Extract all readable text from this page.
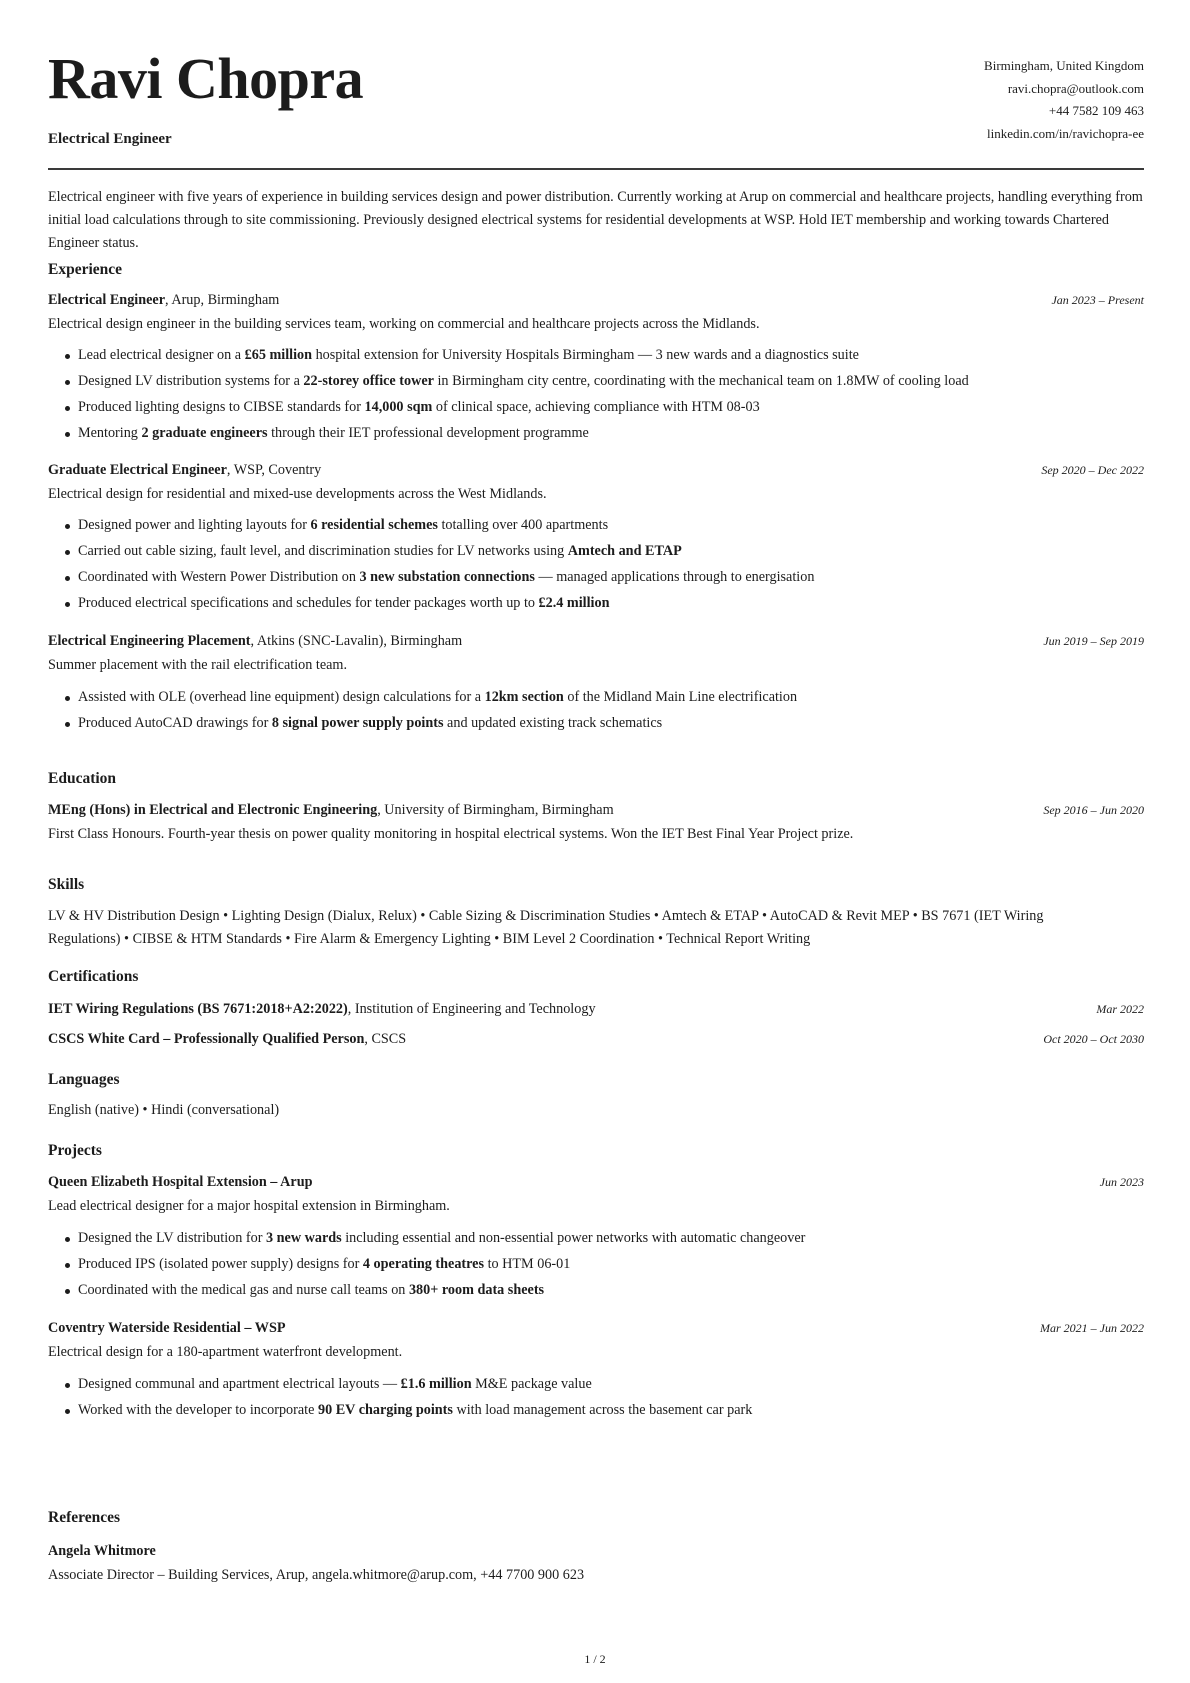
Ravi Chopra
Electrical Engineer
Birmingham, United Kingdom
ravi.chopra@outlook.com
+44 7582 109 463
linkedin.com/in/ravichopra-ee
Electrical engineer with five years of experience in building services design and power distribution. Currently working at Arup on commercial and healthcare projects, handling everything from initial load calculations through to site commissioning. Previously designed electrical systems for residential developments at WSP. Hold IET membership and working towards Chartered Engineer status.
Experience
Electrical Engineer, Arup, Birmingham	Jan 2023 – Present
Electrical design engineer in the building services team, working on commercial and healthcare projects across the Midlands.
Lead electrical designer on a £65 million hospital extension for University Hospitals Birmingham — 3 new wards and a diagnostics suite
Designed LV distribution systems for a 22-storey office tower in Birmingham city centre, coordinating with the mechanical team on 1.8MW of cooling load
Produced lighting designs to CIBSE standards for 14,000 sqm of clinical space, achieving compliance with HTM 08-03
Mentoring 2 graduate engineers through their IET professional development programme
Graduate Electrical Engineer, WSP, Coventry	Sep 2020 – Dec 2022
Electrical design for residential and mixed-use developments across the West Midlands.
Designed power and lighting layouts for 6 residential schemes totalling over 400 apartments
Carried out cable sizing, fault level, and discrimination studies for LV networks using Amtech and ETAP
Coordinated with Western Power Distribution on 3 new substation connections — managed applications through to energisation
Produced electrical specifications and schedules for tender packages worth up to £2.4 million
Electrical Engineering Placement, Atkins (SNC-Lavalin), Birmingham	Jun 2019 – Sep 2019
Summer placement with the rail electrification team.
Assisted with OLE (overhead line equipment) design calculations for a 12km section of the Midland Main Line electrification
Produced AutoCAD drawings for 8 signal power supply points and updated existing track schematics
Education
MEng (Hons) in Electrical and Electronic Engineering, University of Birmingham, Birmingham	Sep 2016 – Jun 2020
First Class Honours. Fourth-year thesis on power quality monitoring in hospital electrical systems. Won the IET Best Final Year Project prize.
Skills
LV & HV Distribution Design • Lighting Design (Dialux, Relux) • Cable Sizing & Discrimination Studies • Amtech & ETAP • AutoCAD & Revit MEP • BS 7671 (IET Wiring
Regulations) • CIBSE & HTM Standards • Fire Alarm & Emergency Lighting • BIM Level 2 Coordination • Technical Report Writing
Certifications
IET Wiring Regulations (BS 7671:2018+A2:2022), Institution of Engineering and Technology	Mar 2022
CSCS White Card – Professionally Qualified Person, CSCS	Oct 2020 – Oct 2030
Languages
English (native) • Hindi (conversational)
Projects
Queen Elizabeth Hospital Extension – Arup	Jun 2023
Lead electrical designer for a major hospital extension in Birmingham.
Designed the LV distribution for 3 new wards including essential and non-essential power networks with automatic changeover
Produced IPS (isolated power supply) designs for 4 operating theatres to HTM 06-01
Coordinated with the medical gas and nurse call teams on 380+ room data sheets
Coventry Waterside Residential – WSP	Mar 2021 – Jun 2022
Electrical design for a 180-apartment waterfront development.
Designed communal and apartment electrical layouts — £1.6 million M&E package value
Worked with the developer to incorporate 90 EV charging points with load management across the basement car park
References
Angela Whitmore
Associate Director – Building Services, Arup, angela.whitmore@arup.com, +44 7700 900 623
1 / 2
